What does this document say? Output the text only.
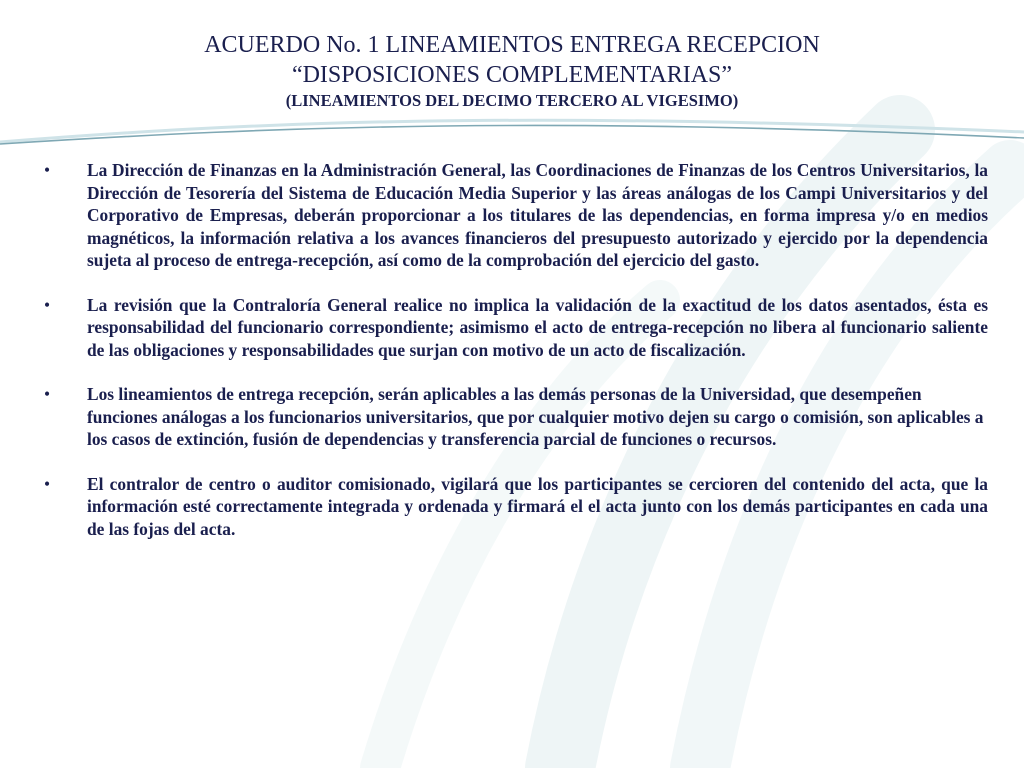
ACUERDO No. 1 LINEAMIENTOS ENTREGA RECEPCION
“DISPOSICIONES COMPLEMENTARIAS”
(LINEAMIENTOS DEL DECIMO TERCERO AL VIGESIMO)
• La Dirección de Finanzas en la Administración General, las Coordinaciones de Finanzas de los Centros Universitarios, la Dirección de Tesorería del Sistema de Educación Media Superior y las áreas análogas de los Campi Universitarios y del Corporativo de Empresas, deberán proporcionar a los titulares de las dependencias, en forma impresa y/o en medios magnéticos, la información relativa a los avances financieros del presupuesto autorizado y ejercido por la dependencia sujeta al proceso de entrega-recepción, así como de la comprobación del ejercicio del gasto.
• La revisión que la Contraloría General realice no implica la validación de la exactitud de los datos asentados, ésta es responsabilidad del funcionario correspondiente; asimismo el acto de entrega-recepción no libera al funcionario saliente de las obligaciones y responsabilidades que surjan con motivo de un acto de fiscalización.
• Los lineamientos de entrega recepción, serán aplicables a las demás personas de la Universidad, que desempeñen funciones análogas a los funcionarios universitarios, que por cualquier motivo dejen su cargo o comisión, son aplicables a los casos de extinción, fusión de dependencias y transferencia parcial de funciones o recursos.
• El contralor de centro o auditor comisionado, vigilará que los participantes se cercioren del contenido del acta, que la información esté correctamente integrada y ordenada y firmará el el acta junto con los demás participantes en cada una de las fojas del acta.
